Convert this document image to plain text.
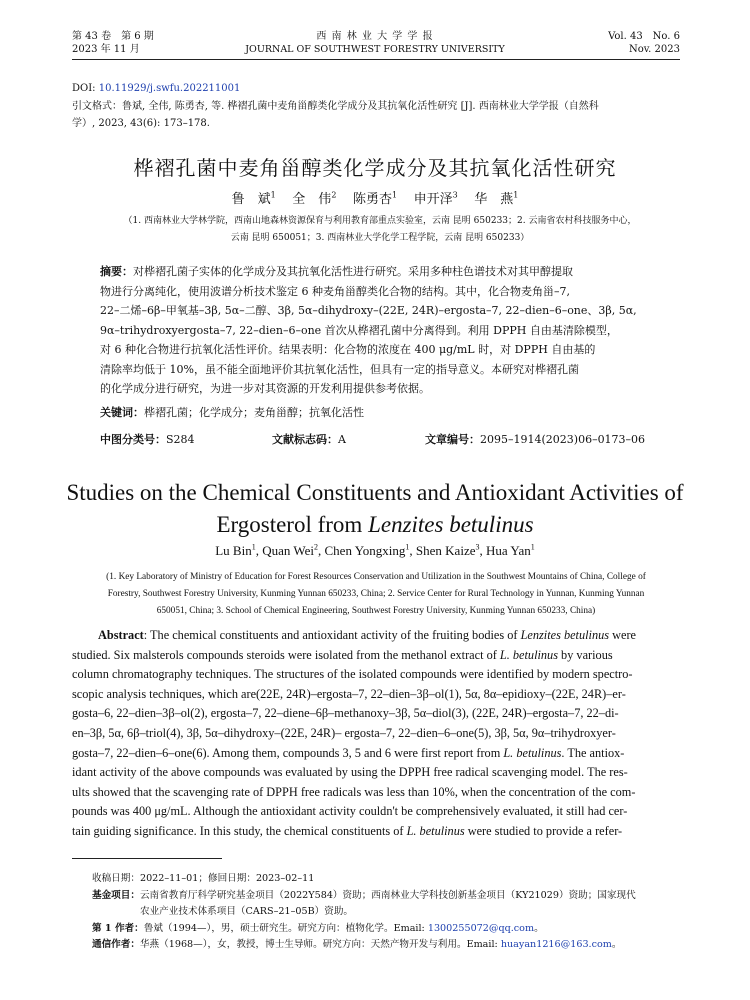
第 43 卷　第 6 期
2023 年 11 月
西 南 林 业 大 学 学 报
JOURNAL OF SOUTHWEST FORESTRY UNIVERSITY
Vol. 43　No. 6
Nov. 2023
DOI: 10.11929/j.swfu.202211001
引文格式：鲁斌, 全伟, 陈勇杏, 等. 桦褶孔菌中麦角甾醇类化学成分及其抗氧化活性研究 [J]. 西南林业大学学报（自然科
学）, 2023, 43(6): 173–178.
桦褶孔菌中麦角甾醇类化学成分及其抗氧化活性研究
鲁　斌$^1$ 全　伟$^2$ 陈勇杏$^1$ 申开泽$^3$ 华　燕$^1$
（1. 西南林业大学林学院，西南山地森林资源保育与利用教育部重点实验室，云南 昆明 650233；2. 云南省农村科技服务中心，
云南 昆明 650051；3. 西南林业大学化学工程学院，云南 昆明 650233）
摘要：对桦褶孔菌子实体的化学成分及其抗氧化活性进行研究。采用多种柱色谱技术对其甲醇提取
物进行分离纯化，使用波谱分析技术鉴定 6 种麦角甾醇类化合物的结构。其中，化合物麦角甾–7,
22–二烯–6β–甲氧基–3β, 5α–二醇、3β, 5α–dihydroxy–(22E, 24R)–ergosta–7, 22–dien–6–one、3β, 5α,
9α–trihydroxyergosta–7, 22–dien–6–one 首次从桦褶孔菌中分离得到。利用 DPPH 自由基清除模型，
对 6 种化合物进行抗氧化活性评价。结果表明：化合物的浓度在 400 μg/mL 时，对 DPPH 自由基的
清除率均低于 10%，虽不能全面地评价其抗氧化活性，但具有一定的指导意义。本研究对桦褶孔菌
的化学成分进行研究，为进一步对其资源的开发利用提供参考依据。
关键词：桦褶孔菌；化学成分；麦角甾醇；抗氧化活性
中图分类号：S284	文献标志码：A	文章编号：2095–1914(2023)06–0173–06
Studies on the Chemical Constituents and Antioxidant Activities of
Ergosterol from Lenzites betulinus
Lu Bin$^1$, Quan Wei$^2$, Chen Yongxing$^1$, Shen Kaize$^3$, Hua Yan$^1$
(1. Key Laboratory of Ministry of Education for Forest Resources Conservation and Utilization in the Southwest Mountains of China, College of
Forestry, Southwest Forestry University, Kunming Yunnan 650233, China; 2. Service Center for Rural Technology in Yunnan, Kunming Yunnan
650051, China; 3. School of Chemical Engineering, Southwest Forestry University, Kunming Yunnan 650233, China)
Abstract: The chemical constituents and antioxidant activity of the fruiting bodies of Lenzites betulinus were
studied. Six malsterols compounds steroids were isolated from the methanol extract of L. betulinus by various
column chromatography techniques. The structures of the isolated compounds were identified by modern spectro-
scopic analysis techniques, which are(22E, 24R)–ergosta–7, 22–dien–3β–ol(1), 5α, 8α–epidioxy–(22E, 24R)–er-
gosta–6, 22–dien–3β–ol(2), ergosta–7, 22–diene–6β–methanoxy–3β, 5α–diol(3), (22E, 24R)–ergosta–7, 22–di-
en–3β, 5α, 6β–triol(4), 3β, 5α–dihydroxy–(22E, 24R)– ergosta–7, 22–dien–6–one(5), 3β, 5α, 9α–trihydroxyer-
gosta–7, 22–dien–6–one(6). Among them, compounds 3, 5 and 6 were first report from L. betulinus. The antiox-
idant activity of the above compounds was evaluated by using the DPPH free radical scavenging model. The res-
ults showed that the scavenging rate of DPPH free radicals was less than 10%, when the concentration of the com-
pounds was 400 μg/mL. Although the antioxidant activity couldn't be comprehensively evaluated, it still had cer-
tain guiding significance. In this study, the chemical constituents of L. betulinus were studied to provide a refer-
收稿日期：2022–11–01；修回日期：2023–02–11
基金项目：云南省教育厅科学研究基金项目（2022Y584）资助；西南林业大学科技创新基金项目（KY21029）资助；国家现代
农业产业技术体系项目（CARS–21–05B）资助。
第 1 作者：鲁斌（1994—），男，硕士研究生。研究方向：植物化学。Email: 1300255072@qq.com。
通信作者：华燕（1968—），女，教授，博士生导师。研究方向：天然产物开发与利用。Email: huayan1216@163.com。
